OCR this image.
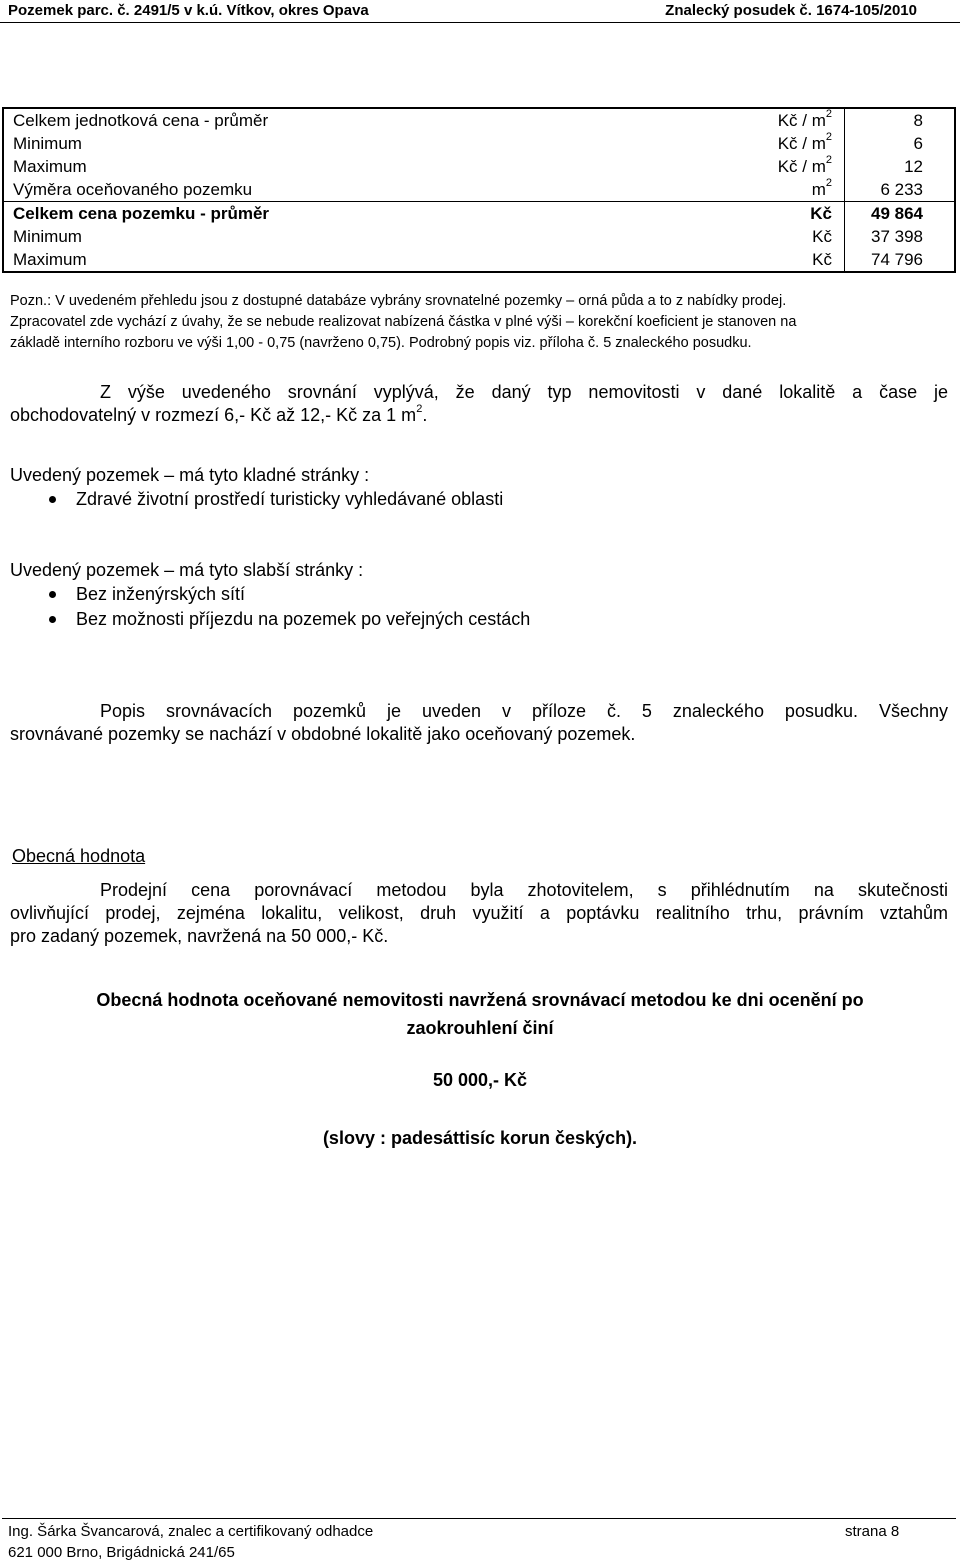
Pozemek parc. č. 2491/5 v k.ú. Vítkov, okres Opava	Znalecký posudek č. 1674-105/2010
Celkem jednotková cena - průměr	Kč / $m^2$	8
Minimum	Kč / $m^2$	6
Maximum	Kč / $m^2$	12
Výměra oceňovaného pozemku	$m^2$	6 233
Celkem cena pozemku - průměr	Kč	49 864
Minimum	Kč	37 398
Maximum	Kč	74 796
Pozn.: V uvedeném přehledu jsou z dostupné databáze vybrány srovnatelné pozemky – orná půda a to z nabídky prodej.
Zpracovatel zde vychází z úvahy, že se nebude realizovat nabízená částka v plné výši – korekční koeficient je stanoven na
základě interního rozboru ve výši 1,00 - 0,75 (navrženo 0,75). Podrobný popis viz. příloha č. 5 znaleckého posudku.
Z výše uvedeného srovnání vyplývá, že daný typ nemovitosti v dané lokalitě a čase je
obchodovatelný v rozmezí 6,- Kč až 12,- Kč za 1 $m^2$.
Uvedený pozemek – má tyto kladné stránky :
Zdravé životní prostředí turisticky vyhledávané oblasti
Uvedený pozemek – má tyto slabší stránky :
Bez inženýrských sítí
Bez možnosti příjezdu na pozemek po veřejných cestách
Popis srovnávacích pozemků je uveden v příloze č. 5 znaleckého posudku. Všechny
srovnávané pozemky se nachází v obdobné lokalitě jako oceňovaný pozemek.
Obecná hodnota
Prodejní cena porovnávací metodou byla zhotovitelem, s přihlédnutím na skutečnosti
ovlivňující prodej, zejména lokalitu, velikost, druh využití a poptávku realitního trhu, právním vztahům
pro zadaný pozemek, navržená na 50 000,- Kč.
Obecná hodnota oceňované nemovitosti navržená srovnávací metodou ke dni ocenění po
zaokrouhlení činí
50 000,- Kč
(slovy : padesáttisíc korun českých).
Ing. Šárka Švancarová, znalec a certifikovaný odhadce
621 000 Brno, Brigádnická 241/65
strana 8
